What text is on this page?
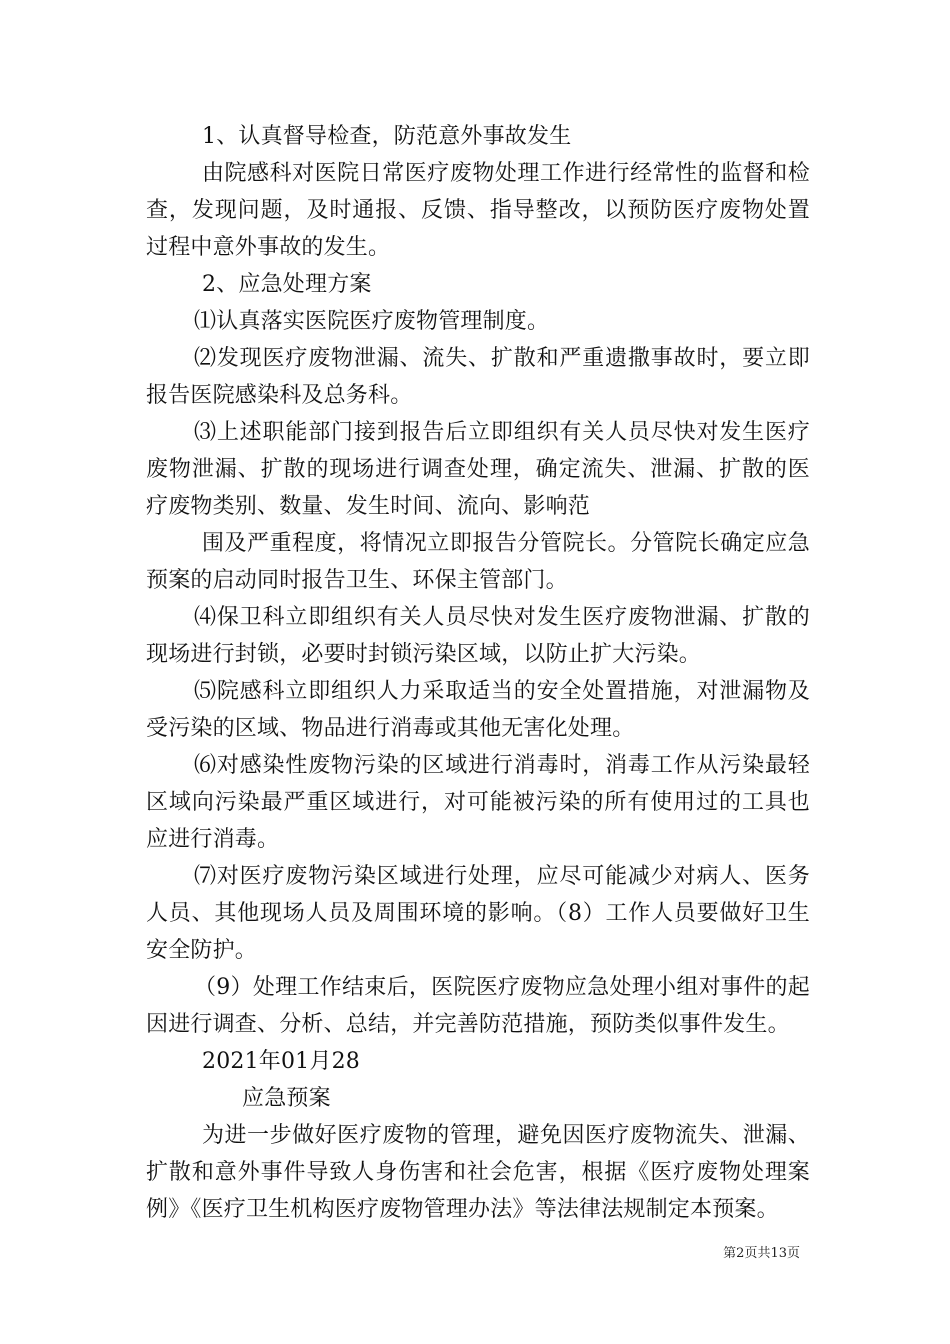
1、认真督导检查，防范意外事故发生

由院感科对医院日常医疗废物处理工作进行经常性的监督和检查，发现问题，及时通报、反馈、指导整改，以预防医疗废物处置过程中意外事故的发生。

2、应急处理方案

⑴认真落实医院医疗废物管理制度。

⑵发现医疗废物泄漏、流失、扩散和严重遗撒事故时，要立即报告医院感染科及总务科。

⑶上述职能部门接到报告后立即组织有关人员尽快对发生医疗废物泄漏、扩散的现场进行调查处理，确定流失、泄漏、扩散的医疗废物类别、数量、发生时间、流向、影响范

围及严重程度，将情况立即报告分管院长。分管院长确定应急预案的启动同时报告卫生、环保主管部门。

⑷保卫科立即组织有关人员尽快对发生医疗废物泄漏、扩散的现场进行封锁，必要时封锁污染区域，以防止扩大污染。

⑸院感科立即组织人力采取适当的安全处置措施，对泄漏物及受污染的区域、物品进行消毒或其他无害化处理。

⑹对感染性废物污染的区域进行消毒时，消毒工作从污染最轻区域向污染最严重区域进行，对可能被污染的所有使用过的工具也应进行消毒。

⑺对医疗废物污染区域进行处理，应尽可能减少对病人、医务人员、其他现场人员及周围环境的影响。（8）工作人员要做好卫生安全防护。

（9）处理工作结束后，医院医疗废物应急处理小组对事件的起因进行调查、分析、总结，并完善防范措施，预防类似事件发生。

2021年01月28

应急预案

为进一步做好医疗废物的管理，避免因医疗废物流失、泄漏、扩散和意外事件导致人身伤害和社会危害，根据《医疗废物处理案例》《医疗卫生机构医疗废物管理办法》等法律法规制定本预案。

第2页共13页
